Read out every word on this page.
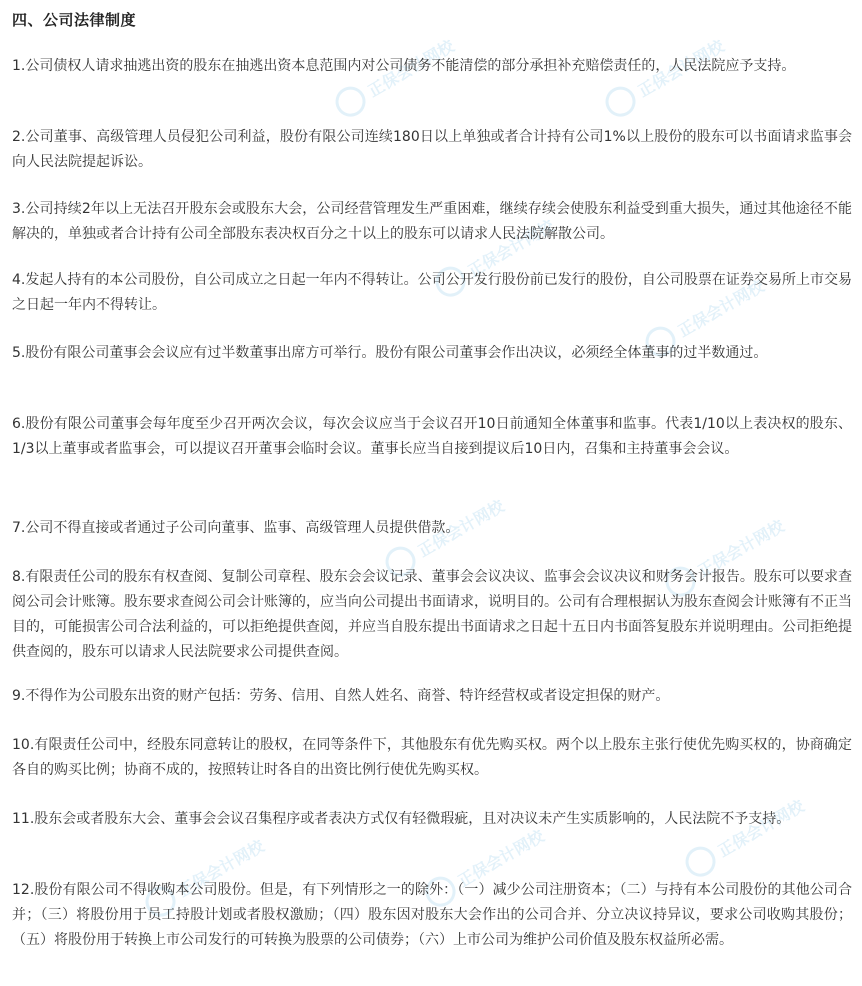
正保会计网校	正保会计网校
正保会计网校
正保会计网校
正保会计网校	正保会计网校
正保会计网校	正保会计网校	正保会计网校
四、公司法律制度
1.公司债权人请求抽逃出资的股东在抽逃出资本息范围内对公司债务不能清偿的部分承担补充赔偿责任的，人民法院应予支持。
2.公司董事、高级管理人员侵犯公司利益，股份有限公司连续180日以上单独或者合计持有公司1%以上股份的股东可以书面请求监事会向人民法院提起诉讼。
3.公司持续2年以上无法召开股东会或股东大会，公司经营管理发生严重困难，继续存续会使股东利益受到重大损失，通过其他途径不能解决的，单独或者合计持有公司全部股东表决权百分之十以上的股东可以请求人民法院解散公司。
4.发起人持有的本公司股份，自公司成立之日起一年内不得转让。公司公开发行股份前已发行的股份，自公司股票在证券交易所上市交易之日起一年内不得转让。
5.股份有限公司董事会会议应有过半数董事出席方可举行。股份有限公司董事会作出决议，必须经全体董事的过半数通过。
6.股份有限公司董事会每年度至少召开两次会议，每次会议应当于会议召开10日前通知全体董事和监事。代表1/10以上表决权的股东、1/3以上董事或者监事会，可以提议召开董事会临时会议。董事长应当自接到提议后10日内，召集和主持董事会会议。
7.公司不得直接或者通过子公司向董事、监事、高级管理人员提供借款。
8.有限责任公司的股东有权查阅、复制公司章程、股东会会议记录、董事会会议决议、监事会会议决议和财务会计报告。股东可以要求查阅公司会计账簿。股东要求查阅公司会计账簿的，应当向公司提出书面请求，说明目的。公司有合理根据认为股东查阅会计账簿有不正当目的，可能损害公司合法利益的，可以拒绝提供查阅，并应当自股东提出书面请求之日起十五日内书面答复股东并说明理由。公司拒绝提供查阅的，股东可以请求人民法院要求公司提供查阅。
9.不得作为公司股东出资的财产包括：劳务、信用、自然人姓名、商誉、特许经营权或者设定担保的财产。
10.有限责任公司中，经股东同意转让的股权，在同等条件下，其他股东有优先购买权。两个以上股东主张行使优先购买权的，协商确定各自的购买比例；协商不成的，按照转让时各自的出资比例行使优先购买权。
11.股东会或者股东大会、董事会会议召集程序或者表决方式仅有轻微瑕疵，且对决议未产生实质影响的，人民法院不予支持。
12.股份有限公司不得收购本公司股份。但是，有下列情形之一的除外：（一）减少公司注册资本；（二）与持有本公司股份的其他公司合并；（三）将股份用于员工持股计划或者股权激励；（四）股东因对股东大会作出的公司合并、分立决议持异议，要求公司收购其股份；（五）将股份用于转换上市公司发行的可转换为股票的公司债券；（六）上市公司为维护公司价值及股东权益所必需。
